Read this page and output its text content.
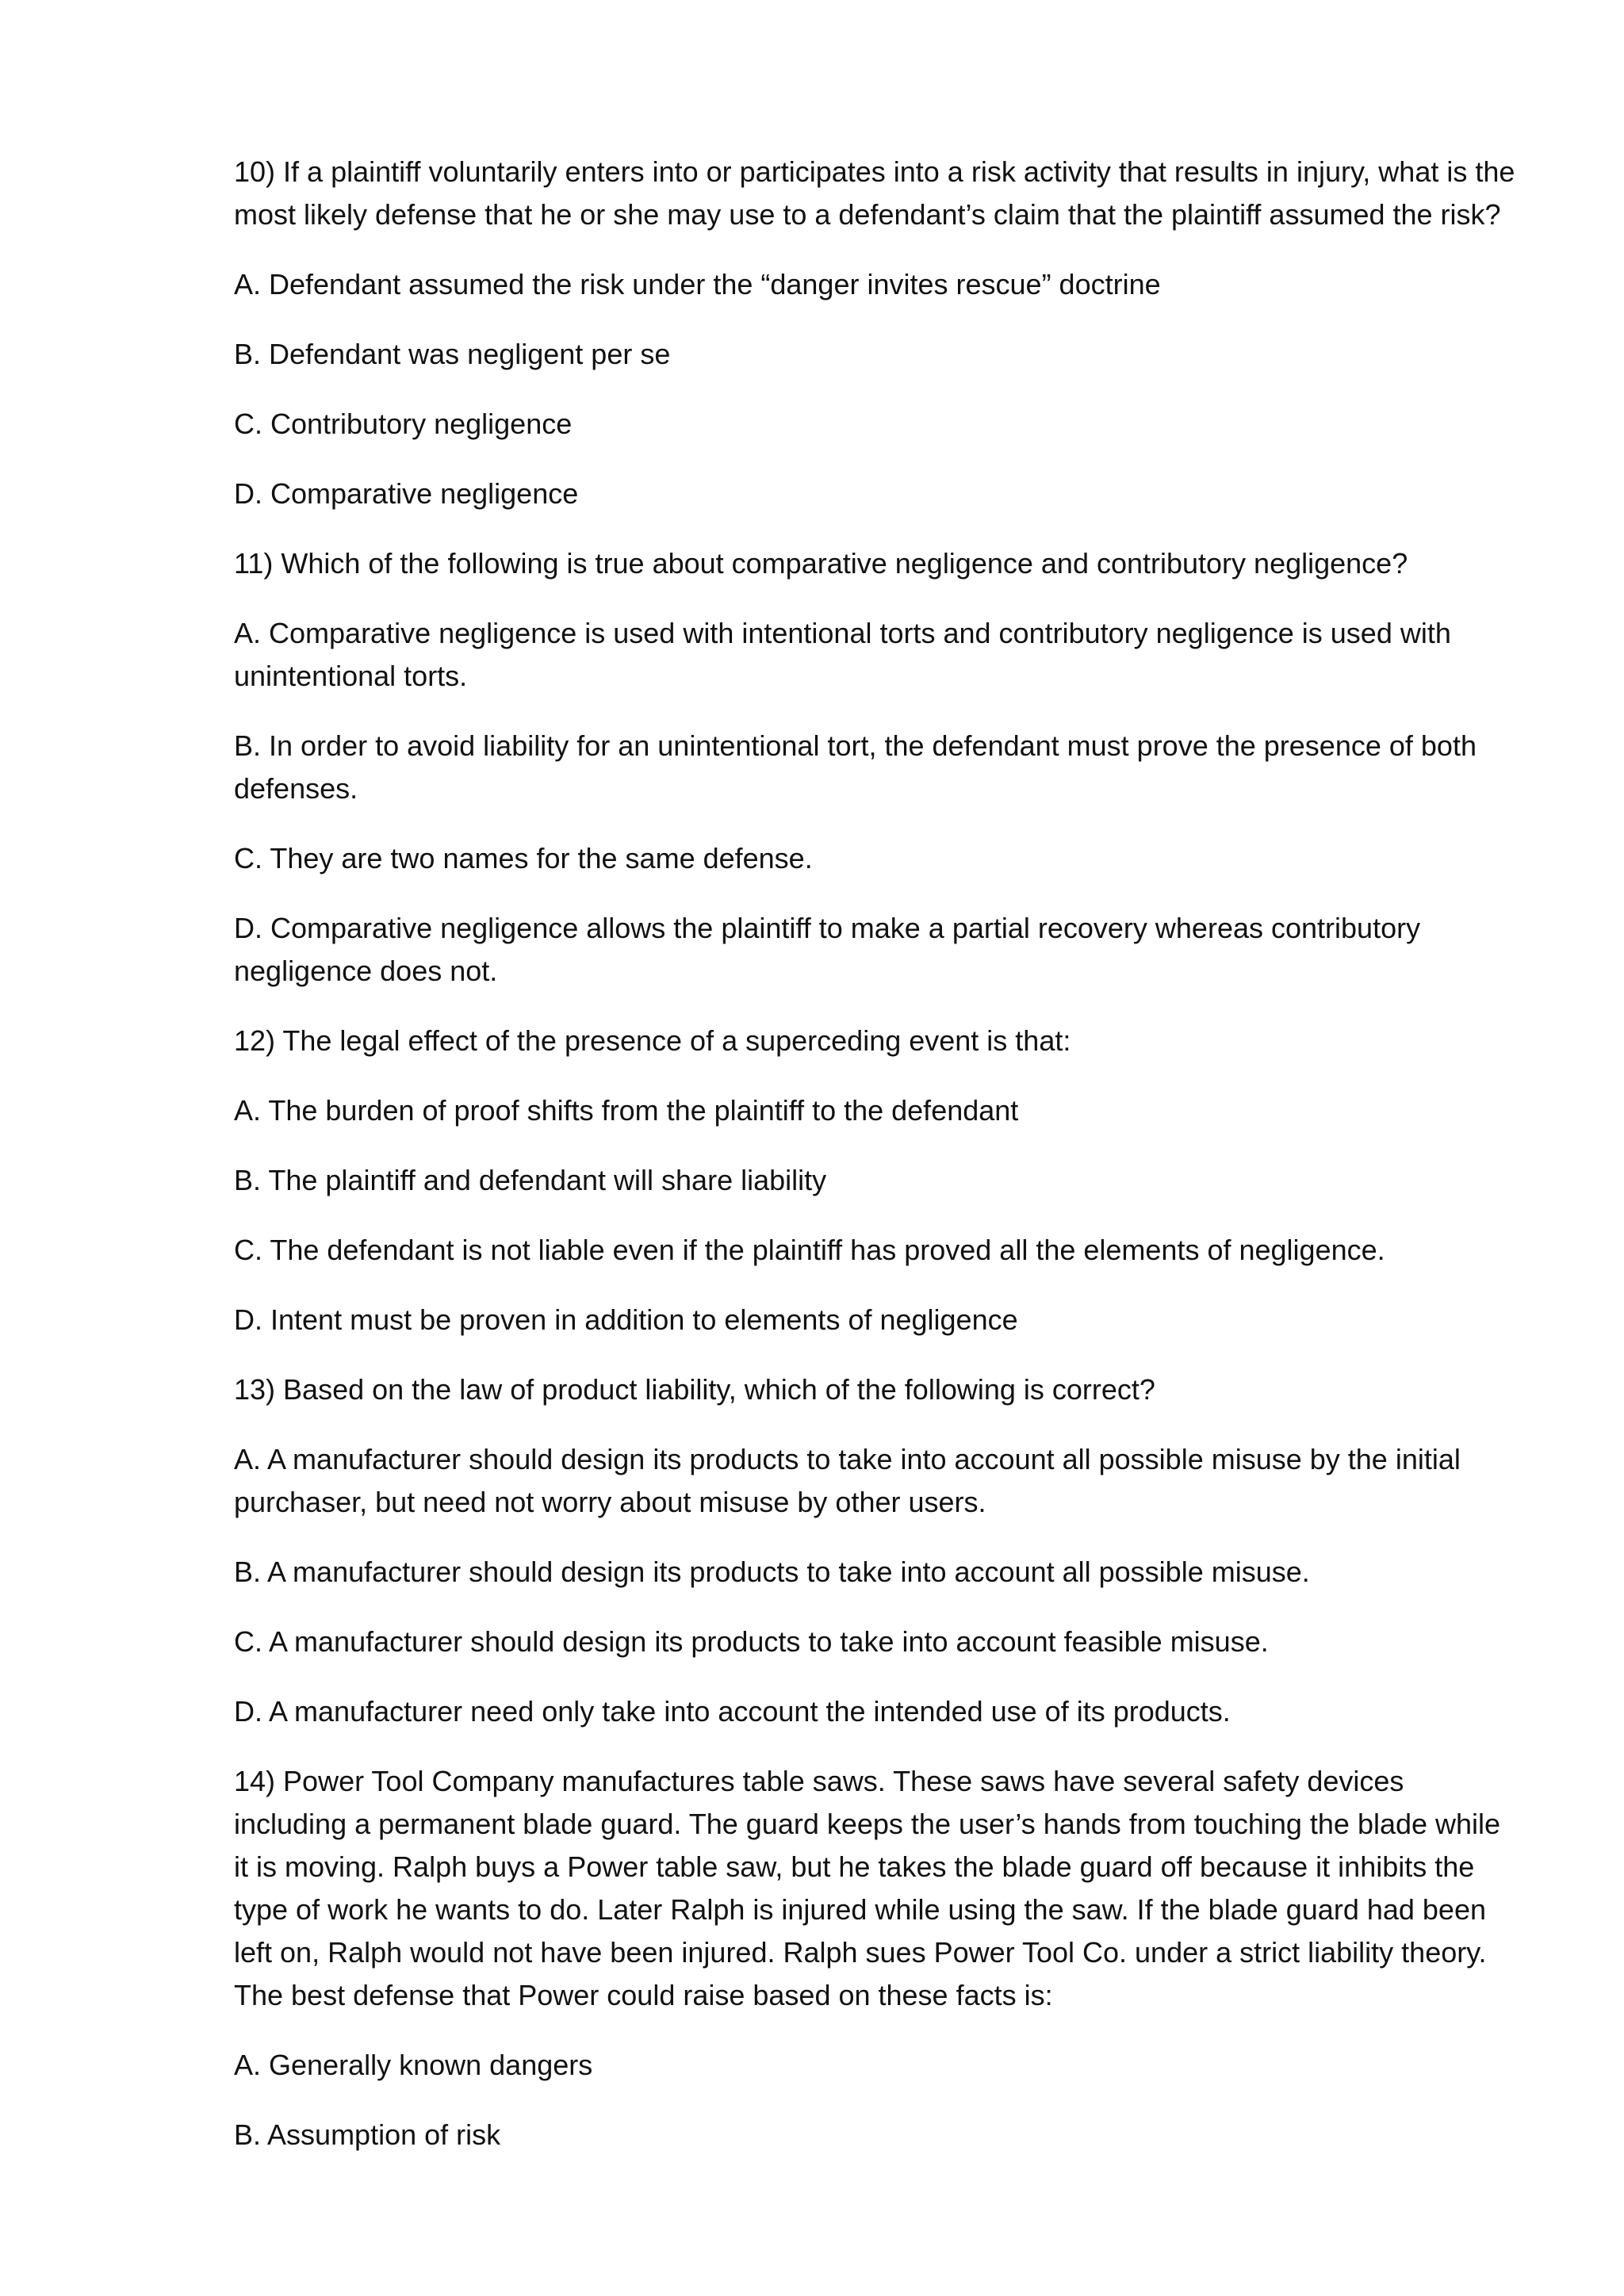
10) If a plaintiff voluntarily enters into or participates into a risk activity that results in injury, what is the most likely defense that he or she may use to a defendant’s claim that the plaintiff assumed the risk?

A. Defendant assumed the risk under the “danger invites rescue” doctrine

B. Defendant was negligent per se

C. Contributory negligence

D. Comparative negligence

11) Which of the following is true about comparative negligence and contributory negligence?

A. Comparative negligence is used with intentional torts and contributory negligence is used with unintentional torts.

B. In order to avoid liability for an unintentional tort, the defendant must prove the presence of both defenses.

C. They are two names for the same defense.

D. Comparative negligence allows the plaintiff to make a partial recovery whereas contributory negligence does not.

12) The legal effect of the presence of a superceding event is that:

A. The burden of proof shifts from the plaintiff to the defendant

B. The plaintiff and defendant will share liability

C. The defendant is not liable even if the plaintiff has proved all the elements of negligence.

D. Intent must be proven in addition to elements of negligence

13) Based on the law of product liability, which of the following is correct?

A. A manufacturer should design its products to take into account all possible misuse by the initial purchaser, but need not worry about misuse by other users.

B. A manufacturer should design its products to take into account all possible misuse.

C. A manufacturer should design its products to take into account feasible misuse.

D. A manufacturer need only take into account the intended use of its products.

14) Power Tool Company manufactures table saws. These saws have several safety devices including a permanent blade guard. The guard keeps the user’s hands from touching the blade while it is moving. Ralph buys a Power table saw, but he takes the blade guard off because it inhibits the type of work he wants to do. Later Ralph is injured while using the saw. If the blade guard had been left on, Ralph would not have been injured. Ralph sues Power Tool Co. under a strict liability theory. The best defense that Power could raise based on these facts is:

A. Generally known dangers

B. Assumption of risk
